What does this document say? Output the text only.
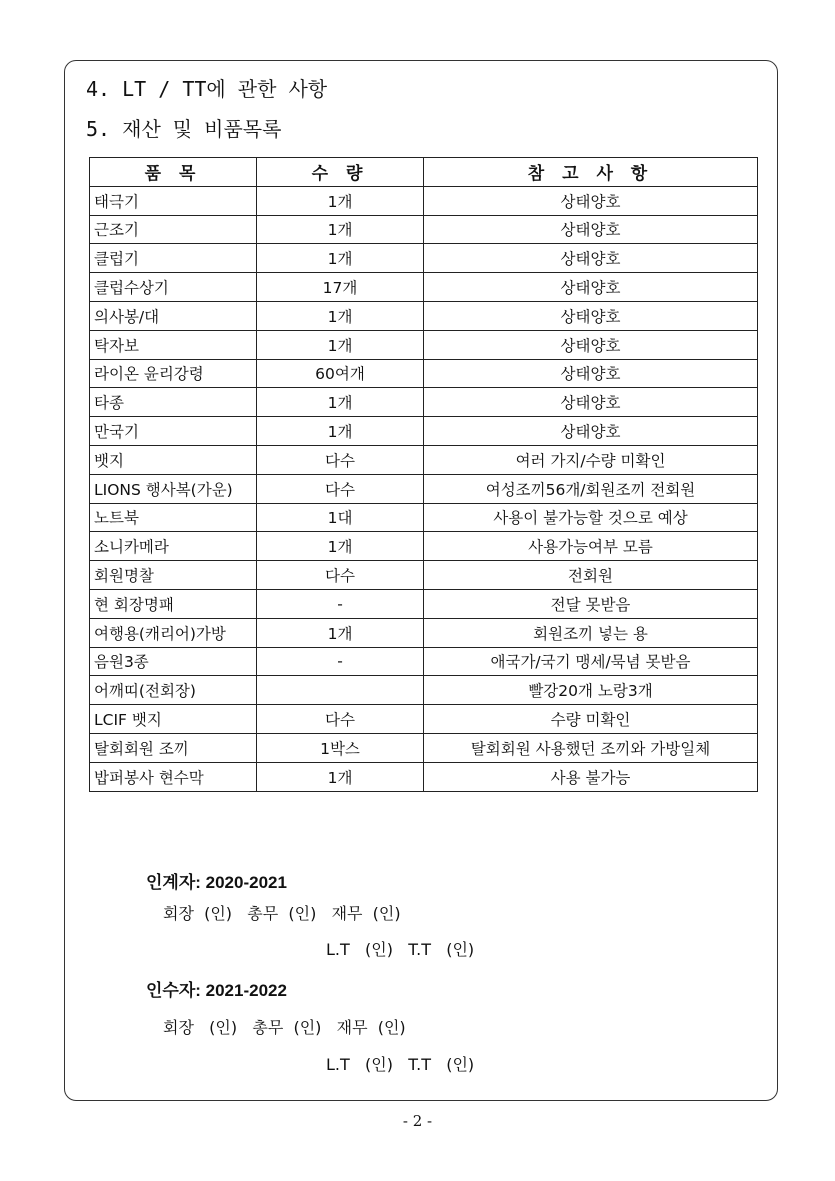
4. LT / TT에 관한 사항
5. 재산 및 비품목록
품 목	수 량	참 고 사 항
태극기	1개	상태양호
근조기	1개	상태양호
클럽기	1개	상태양호
클럽수상기	17개	상태양호
의사봉/대	1개	상태양호
탁자보	1개	상태양호
라이온 윤리강령	60여개	상태양호
타종	1개	상태양호
만국기	1개	상태양호
뱃지	다수	여러 가지/수량 미확인
LIONS 행사복(가운)	다수	여성조끼56개/회원조끼 전회원
노트북	1대	사용이 불가능할 것으로 예상
소니카메라	1개	사용가능여부 모름
회원명찰	다수	전회원
현 회장명패	-	전달 못받음
여행용(캐리어)가방	1개	회원조끼 넣는 용
음원3종	-	애국가/국기 맹세/묵념 못받음
어깨띠(전회장)		빨강20개 노랑3개
LCIF 뱃지	다수	수량 미확인
탈회회원 조끼	1박스	탈회회원 사용했던 조끼와 가방일체
밥퍼봉사 현수막	1개	사용 불가능
인계자: 2020-2021
회장  (인)   총무  (인)   재무  (인)
L.T   (인)   T.T   (인)
인수자: 2021-2022
회장   (인)   총무  (인)   재무  (인)
L.T   (인)   T.T   (인)
- 2 -
